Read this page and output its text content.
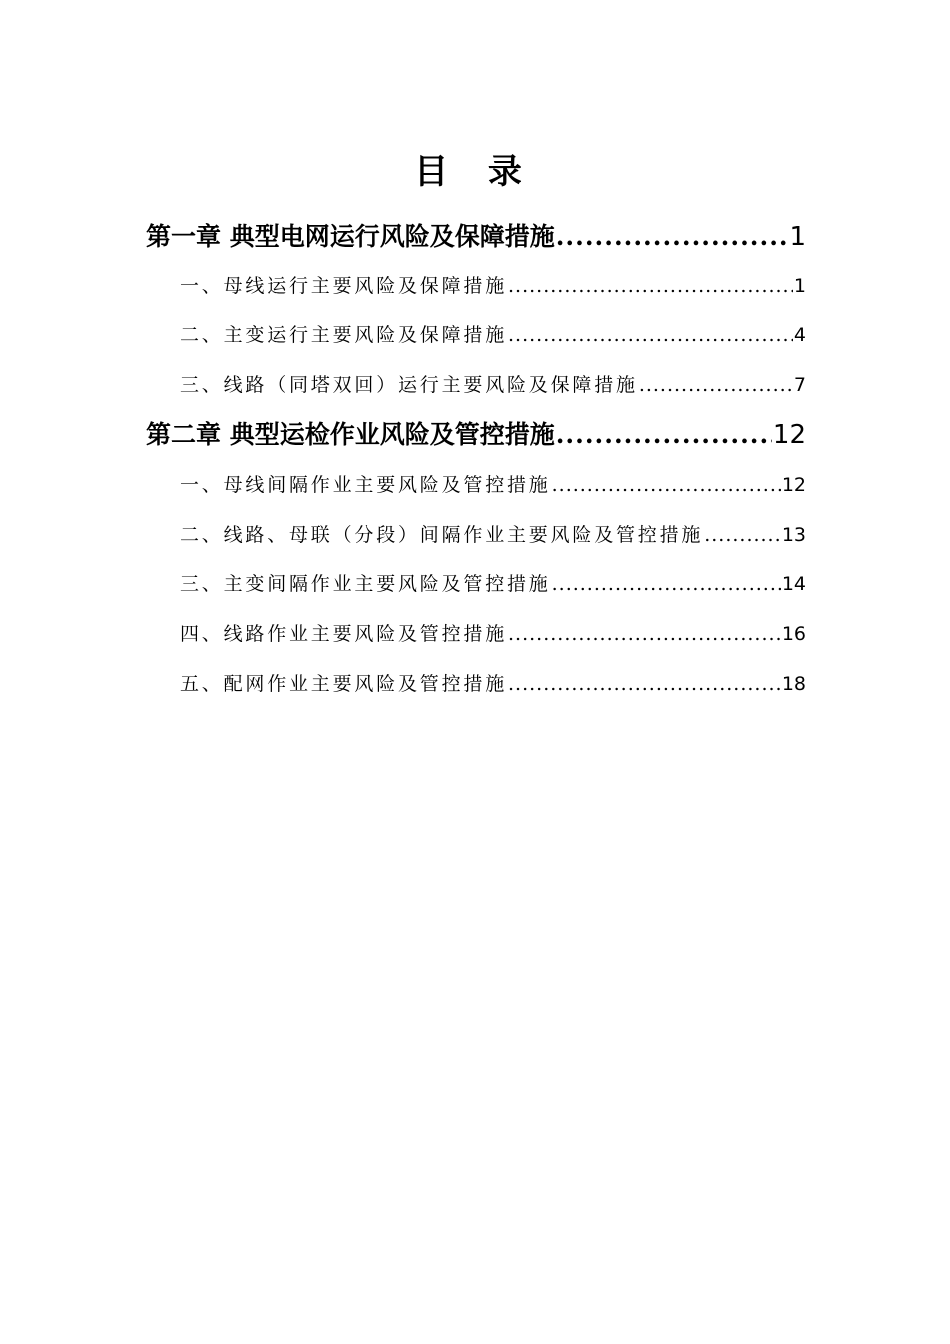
目 录
第一章 典型电网运行风险及保障措施 .....	1
一、母线运行主要风险及保障措施 .....	1
二、主变运行主要风险及保障措施 .....	4
三、线路（同塔双回）运行主要风险及保障措施 .....	7
第二章 典型运检作业风险及管控措施 .....	12
一、母线间隔作业主要风险及管控措施 .....	12
二、线路、母联（分段）间隔作业主要风险及管控措施 .....	13
三、主变间隔作业主要风险及管控措施 .....	14
四、线路作业主要风险及管控措施 .....	16
五、配网作业主要风险及管控措施 .....	18
